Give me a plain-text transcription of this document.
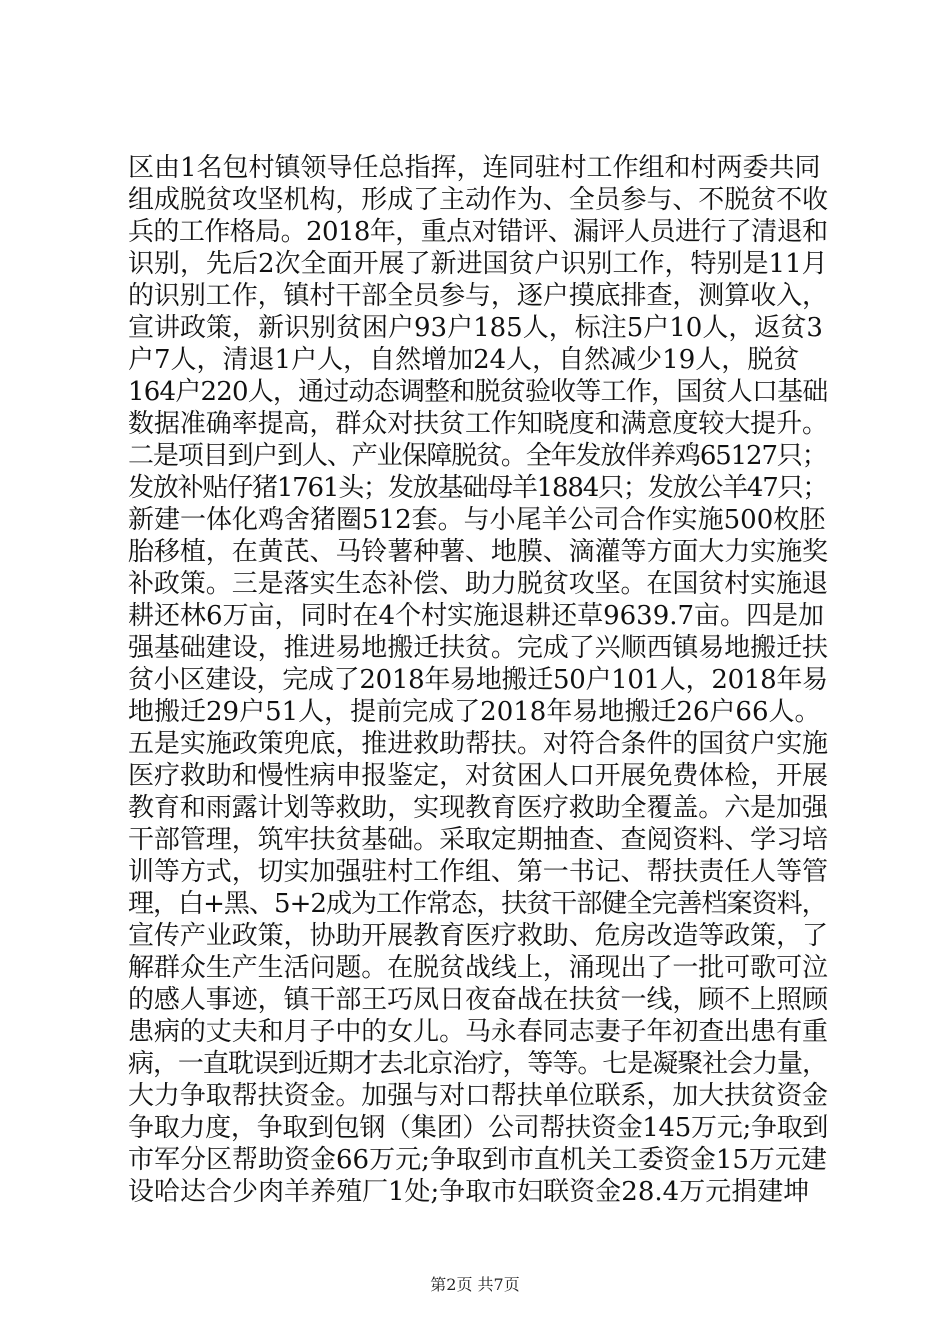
区由1名包村镇领导任总指挥，连同驻村工作组和村两委共同
组成脱贫攻坚机构，形成了主动作为、全员参与、不脱贫不收
兵的工作格局。2018年，重点对错评、漏评人员进行了清退和
识别，先后2次全面开展了新进国贫户识别工作，特别是11月
的识别工作，镇村干部全员参与，逐户摸底排查，测算收入，
宣讲政策，新识别贫困户93户185人，标注5户10人，返贫3
户7人，清退1户人，自然增加24人，自然减少19人，脱贫
164户220人，通过动态调整和脱贫验收等工作，国贫人口基础
数据准确率提高，群众对扶贫工作知晓度和满意度较大提升。
二是项目到户到人、产业保障脱贫。全年发放伴养鸡65127只；
发放补贴仔猪1761头；发放基础母羊1884只；发放公羊47只；
新建一体化鸡舍猪圈512套。与小尾羊公司合作实施500枚胚
胎移植，在黄芪、马铃薯种薯、地膜、滴灌等方面大力实施奖
补政策。三是落实生态补偿、助力脱贫攻坚。在国贫村实施退
耕还林6万亩，同时在4个村实施退耕还草9639.7亩。四是加
强基础建设，推进易地搬迁扶贫。完成了兴顺西镇易地搬迁扶
贫小区建设，完成了2018年易地搬迁50户101人，2018年易
地搬迁29户51人，提前完成了2018年易地搬迁26户66人。
五是实施政策兜底，推进救助帮扶。对符合条件的国贫户实施
医疗救助和慢性病申报鉴定，对贫困人口开展免费体检，开展
教育和雨露计划等救助，实现教育医疗救助全覆盖。六是加强
干部管理，筑牢扶贫基础。采取定期抽查、查阅资料、学习培
训等方式，切实加强驻村工作组、第一书记、帮扶责任人等管
理，白+黑、5+2成为工作常态，扶贫干部健全完善档案资料，
宣传产业政策，协助开展教育医疗救助、危房改造等政策，了
解群众生产生活问题。在脱贫战线上，涌现出了一批可歌可泣
的感人事迹，镇干部王巧凤日夜奋战在扶贫一线，顾不上照顾
患病的丈夫和月子中的女儿。马永春同志妻子年初查出患有重
病，一直耽误到近期才去北京治疗，等等。七是凝聚社会力量，
大力争取帮扶资金。加强与对口帮扶单位联系，加大扶贫资金
争取力度，争取到包钢（集团）公司帮扶资金145万元;争取到
市军分区帮助资金66万元;争取到市直机关工委资金15万元建
设哈达合少肉羊养殖厂1处;争取市妇联资金28.4万元捐建坤
第2页 共7页
